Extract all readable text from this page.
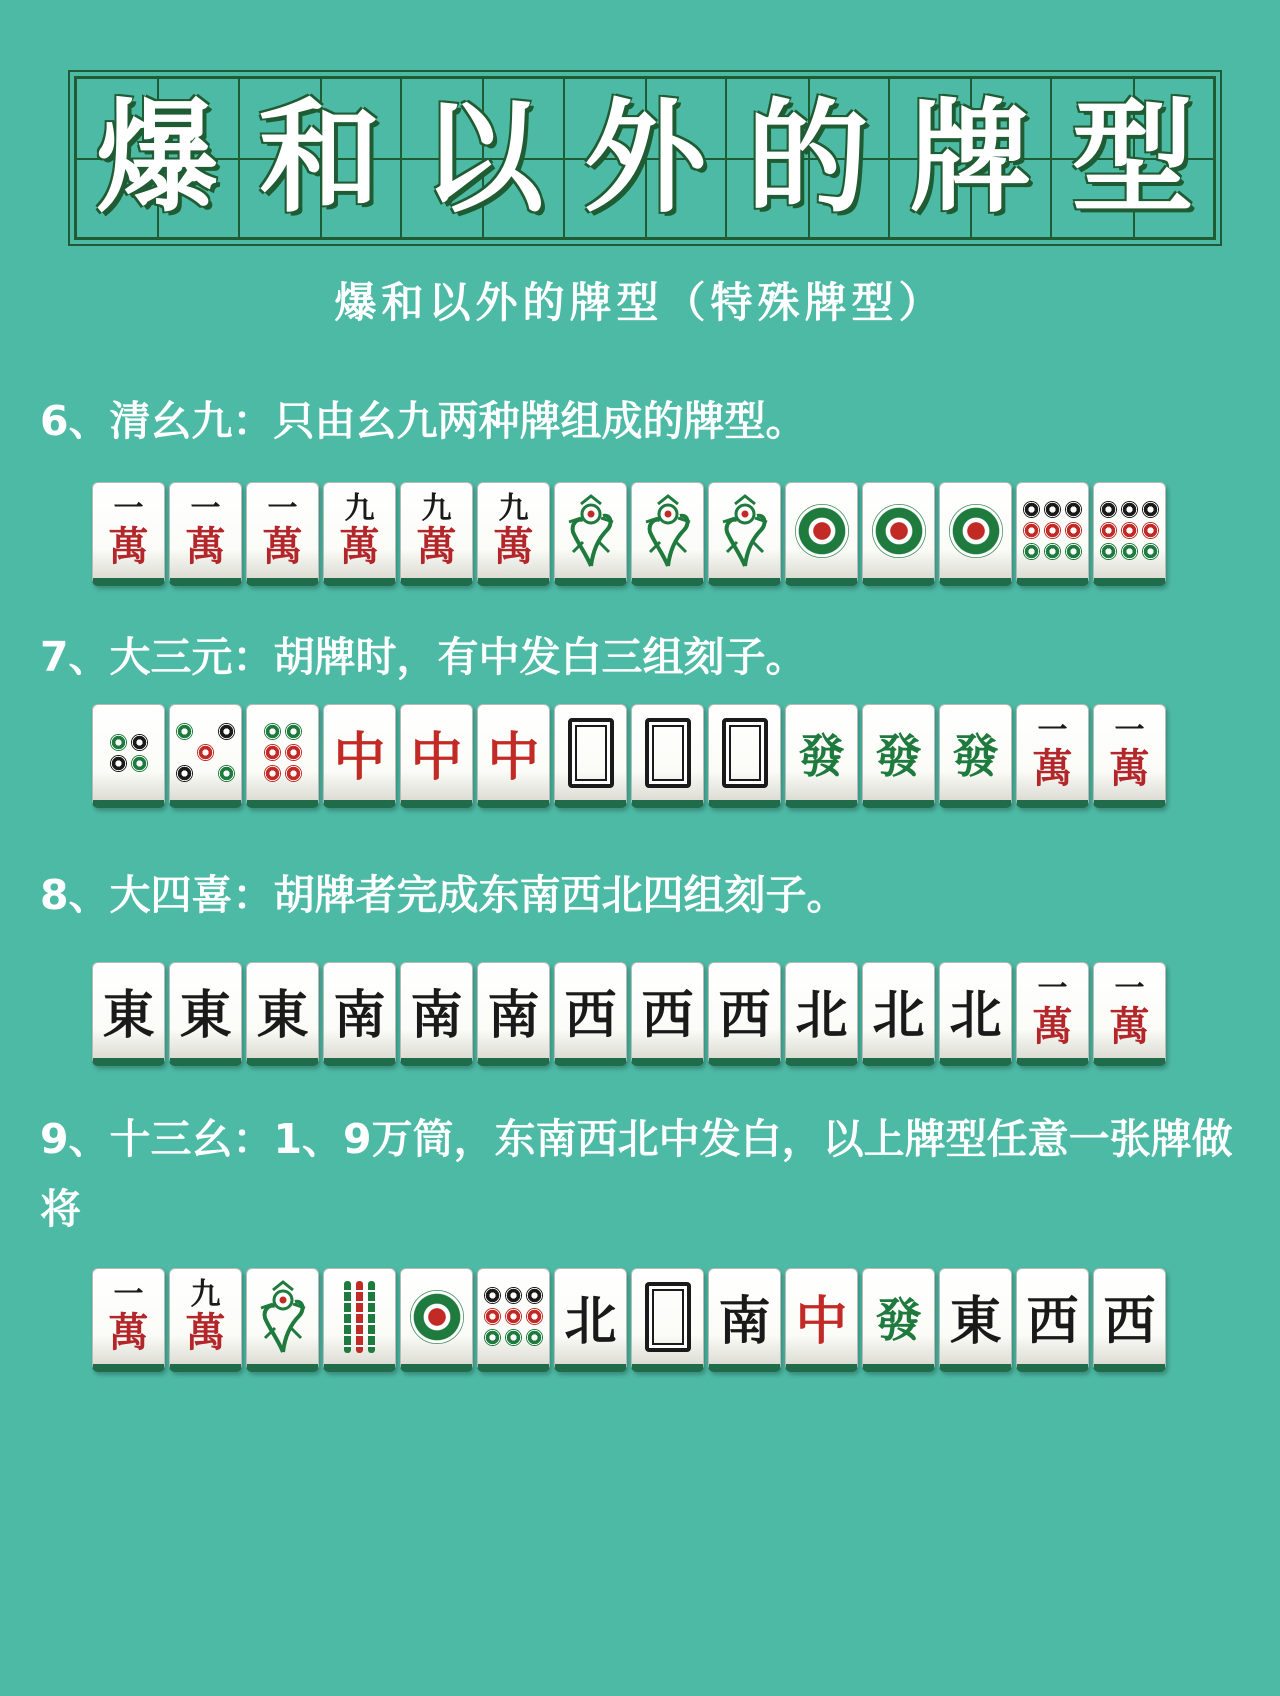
爆 和 以 外 的 牌 型
爆和以外的牌型（特殊牌型）

6、清幺九：只由幺九两种牌组成的牌型。

一
萬
一
萬
一
萬
九
萬
九
萬
九
萬

7、大三元：胡牌时，有中发白三组刻子。

中 中 中	發 發 發 一
萬
一
萬

8、大四喜：胡牌者完成东南西北四组刻子。

東 東 東 南 南 南 西 西 西 北 北 北 一
萬
一
萬

9、十三幺：1、9万筒，东南西北中发白，以上牌型任意一张牌做将

一
萬
九
萬	北 南 中 發 東 西 西
